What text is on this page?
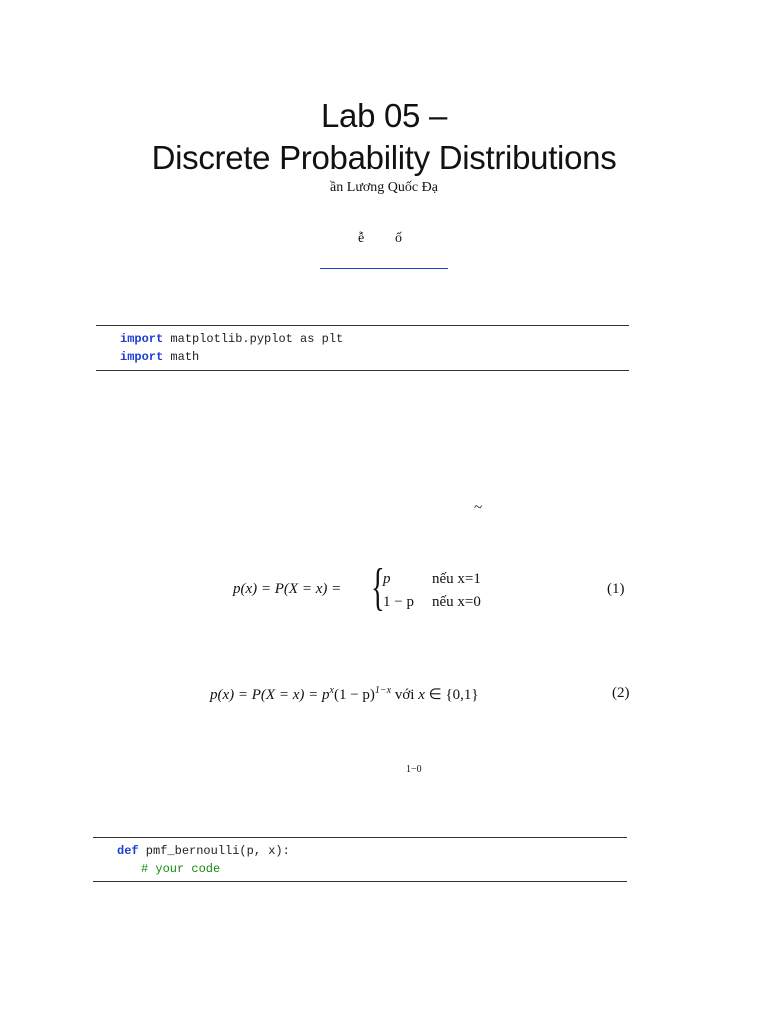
Lab 05 –
Discrete Probability Distributions
ần Lương Quốc Đạ
ễ ố
import matplotlib.pyplot as plt
import math
~
p(x) = P(X = x) = {
p	nếu x=1
1 − p nếu x=0
(1)
$p(x) = P(X = x) = p^x(1 - p)^{1-x}$ với x ∈ {0,1}	(2)
1−0
def pmf_bernoulli(p, x):
# your code
